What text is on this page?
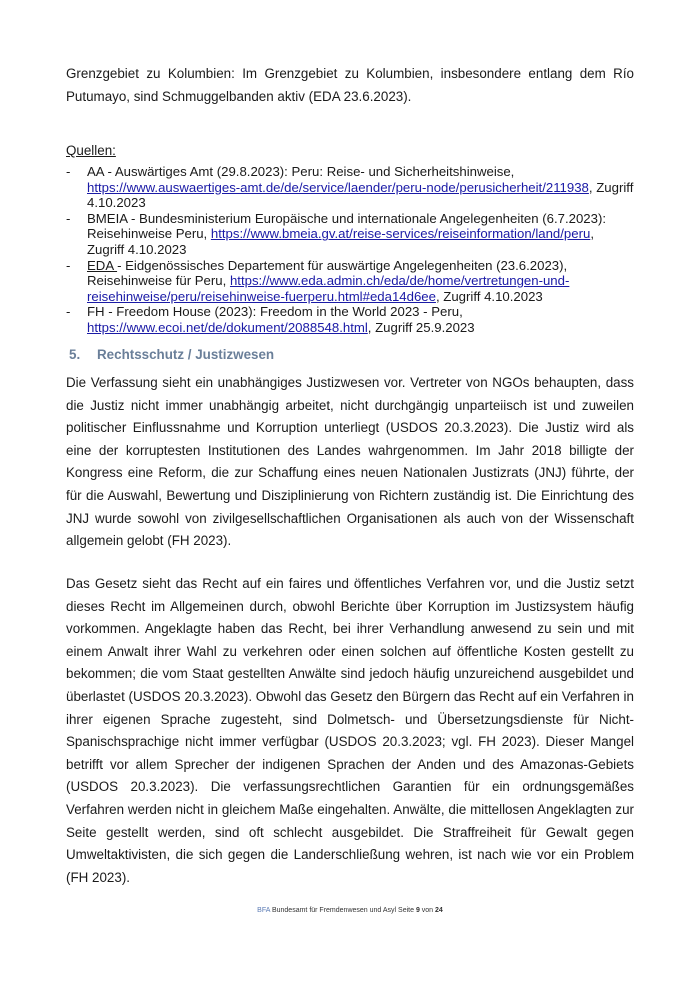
Grenzgebiet zu Kolumbien: Im Grenzgebiet zu Kolumbien, insbesondere entlang dem Río Putumayo, sind Schmuggelbanden aktiv (EDA 23.6.2023).

Quellen:
- AA - Auswärtiges Amt (29.8.2023): Peru: Reise- und Sicherheitshinweise,
https://www.auswaertiges-amt.de/de/service/laender/peru-node/perusicherheit/211938, Zugriff 4.10.2023
- BMEIA - Bundesministerium Europäische und internationale Angelegenheiten (6.7.2023): Reisehinweise Peru, https://www.bmeia.gv.at/reise-services/reiseinformation/land/peru, Zugriff 4.10.2023
- EDA - Eidgenössisches Departement für auswärtige Angelegenheiten (23.6.2023), Reisehinweise für Peru, https://www.eda.admin.ch/eda/de/home/vertretungen-und-reisehinweise/peru/reisehinweise-fuerperu.html#eda14d6ee, Zugriff 4.10.2023
- FH - Freedom House (2023): Freedom in the World 2023 - Peru,
https://www.ecoi.net/de/dokument/2088548.html, Zugriff 25.9.2023
5. Rechtsschutz / Justizwesen

Die Verfassung sieht ein unabhängiges Justizwesen vor. Vertreter von NGOs behaupten, dass die Justiz nicht immer unabhängig arbeitet, nicht durchgängig unparteiisch ist und zuweilen politischer Einflussnahme und Korruption unterliegt (USDOS 20.3.2023). Die Justiz wird als eine der korruptesten Institutionen des Landes wahrgenommen. Im Jahr 2018 billigte der Kongress eine Reform, die zur Schaffung eines neuen Nationalen Justizrats (JNJ) führte, der für die Auswahl, Bewertung und Disziplinierung von Richtern zuständig ist. Die Einrichtung des JNJ wurde sowohl von zivilgesellschaftlichen Organisationen als auch von der Wissenschaft allgemein gelobt (FH 2023).

Das Gesetz sieht das Recht auf ein faires und öffentliches Verfahren vor, und die Justiz setzt dieses Recht im Allgemeinen durch, obwohl Berichte über Korruption im Justizsystem häufig vorkommen. Angeklagte haben das Recht, bei ihrer Verhandlung anwesend zu sein und mit einem Anwalt ihrer Wahl zu verkehren oder einen solchen auf öffentliche Kosten gestellt zu bekommen; die vom Staat gestellten Anwälte sind jedoch häufig unzureichend ausgebildet und überlastet (USDOS 20.3.2023). Obwohl das Gesetz den Bürgern das Recht auf ein Verfahren in ihrer eigenen Sprache zugesteht, sind Dolmetsch- und Übersetzungsdienste für Nicht-Spanischsprachige nicht immer verfügbar (USDOS 20.3.2023; vgl. FH 2023). Dieser Mangel betrifft vor allem Sprecher der indigenen Sprachen der Anden und des Amazonas-Gebiets (USDOS 20.3.2023). Die verfassungsrechtlichen Garantien für ein ordnungsgemäßes Verfahren werden nicht in gleichem Maße eingehalten. Anwälte, die mittellosen Angeklagten zur Seite gestellt werden, sind oft schlecht ausgebildet. Die Straffreiheit für Gewalt gegen Umweltaktivisten, die sich gegen die Landerschließung wehren, ist nach wie vor ein Problem (FH 2023).

BFA Bundesamt für Fremdenwesen und Asyl Seite 9 von 24
